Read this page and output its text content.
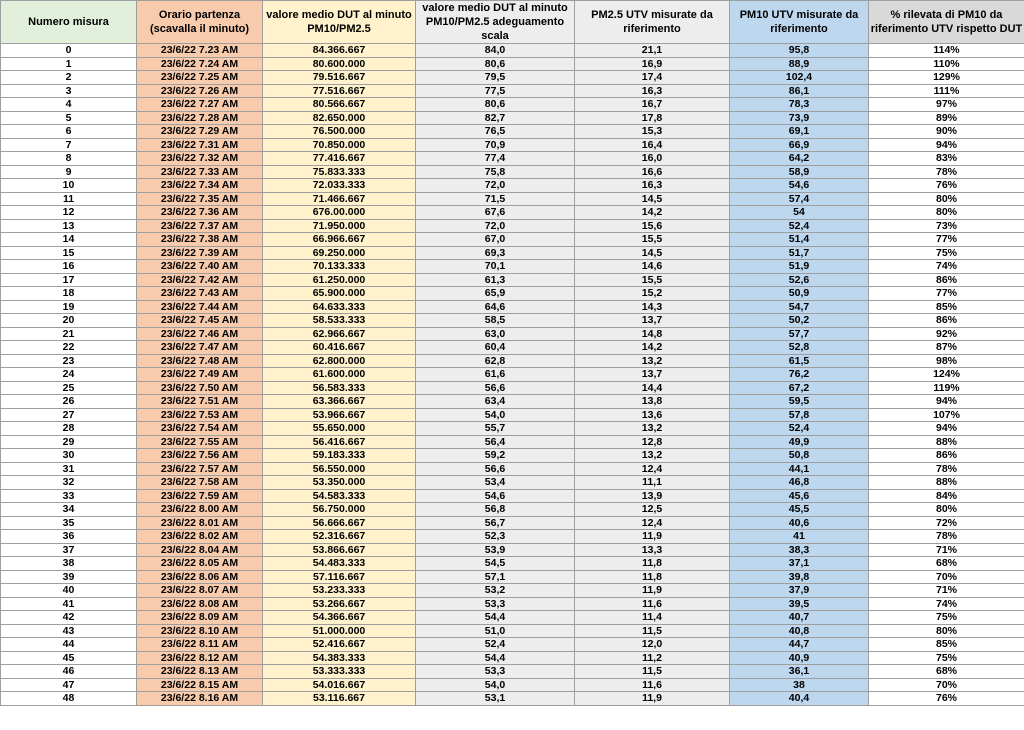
Numero misura	Orario partenza (scavalla il minuto)	valore medio DUT al minuto PM10/PM2.5	valore medio DUT al minuto PM10/PM2.5 adeguamento scala	PM2.5 UTV misurate da riferimento	PM10 UTV misurate da riferimento	% rilevata di PM10 da riferimento UTV rispetto DUT
0	23/6/22 7.23 AM	84.366.667	84,0	21,1	95,8	114%
1	23/6/22 7.24 AM	80.600.000	80,6	16,9	88,9	110%
2	23/6/22 7.25 AM	79.516.667	79,5	17,4	102,4	129%
3	23/6/22 7.26 AM	77.516.667	77,5	16,3	86,1	111%
4	23/6/22 7.27 AM	80.566.667	80,6	16,7	78,3	97%
5	23/6/22 7.28 AM	82.650.000	82,7	17,8	73,9	89%
6	23/6/22 7.29 AM	76.500.000	76,5	15,3	69,1	90%
7	23/6/22 7.31 AM	70.850.000	70,9	16,4	66,9	94%
8	23/6/22 7.32 AM	77.416.667	77,4	16,0	64,2	83%
9	23/6/22 7.33 AM	75.833.333	75,8	16,6	58,9	78%
10	23/6/22 7.34 AM	72.033.333	72,0	16,3	54,6	76%
11	23/6/22 7.35 AM	71.466.667	71,5	14,5	57,4	80%
12	23/6/22 7.36 AM	676.00.000	67,6	14,2	54	80%
13	23/6/22 7.37 AM	71.950.000	72,0	15,6	52,4	73%
14	23/6/22 7.38 AM	66.966.667	67,0	15,5	51,4	77%
15	23/6/22 7.39 AM	69.250.000	69,3	14,5	51,7	75%
16	23/6/22 7.40 AM	70.133.333	70,1	14,6	51,9	74%
17	23/6/22 7.42 AM	61.250.000	61,3	15,5	52,6	86%
18	23/6/22 7.43 AM	65.900.000	65,9	15,2	50,9	77%
19	23/6/22 7.44 AM	64.633.333	64,6	14,3	54,7	85%
20	23/6/22 7.45 AM	58.533.333	58,5	13,7	50,2	86%
21	23/6/22 7.46 AM	62.966.667	63,0	14,8	57,7	92%
22	23/6/22 7.47 AM	60.416.667	60,4	14,2	52,8	87%
23	23/6/22 7.48 AM	62.800.000	62,8	13,2	61,5	98%
24	23/6/22 7.49 AM	61.600.000	61,6	13,7	76,2	124%
25	23/6/22 7.50 AM	56.583.333	56,6	14,4	67,2	119%
26	23/6/22 7.51 AM	63.366.667	63,4	13,8	59,5	94%
27	23/6/22 7.53 AM	53.966.667	54,0	13,6	57,8	107%
28	23/6/22 7.54 AM	55.650.000	55,7	13,2	52,4	94%
29	23/6/22 7.55 AM	56.416.667	56,4	12,8	49,9	88%
30	23/6/22 7.56 AM	59.183.333	59,2	13,2	50,8	86%
31	23/6/22 7.57 AM	56.550.000	56,6	12,4	44,1	78%
32	23/6/22 7.58 AM	53.350.000	53,4	11,1	46,8	88%
33	23/6/22 7.59 AM	54.583.333	54,6	13,9	45,6	84%
34	23/6/22 8.00 AM	56.750.000	56,8	12,5	45,5	80%
35	23/6/22 8.01 AM	56.666.667	56,7	12,4	40,6	72%
36	23/6/22 8.02 AM	52.316.667	52,3	11,9	41	78%
37	23/6/22 8.04 AM	53.866.667	53,9	13,3	38,3	71%
38	23/6/22 8.05 AM	54.483.333	54,5	11,8	37,1	68%
39	23/6/22 8.06 AM	57.116.667	57,1	11,8	39,8	70%
40	23/6/22 8.07 AM	53.233.333	53,2	11,9	37,9	71%
41	23/6/22 8.08 AM	53.266.667	53,3	11,6	39,5	74%
42	23/6/22 8.09 AM	54.366.667	54,4	11,4	40,7	75%
43	23/6/22 8.10 AM	51.000.000	51,0	11,5	40,8	80%
44	23/6/22 8.11 AM	52.416.667	52,4	12,0	44,7	85%
45	23/6/22 8.12 AM	54.383.333	54,4	11,2	40,9	75%
46	23/6/22 8.13 AM	53.333.333	53,3	11,5	36,1	68%
47	23/6/22 8.15 AM	54.016.667	54,0	11,6	38	70%
48	23/6/22 8.16 AM	53.116.667	53,1	11,9	40,4	76%
